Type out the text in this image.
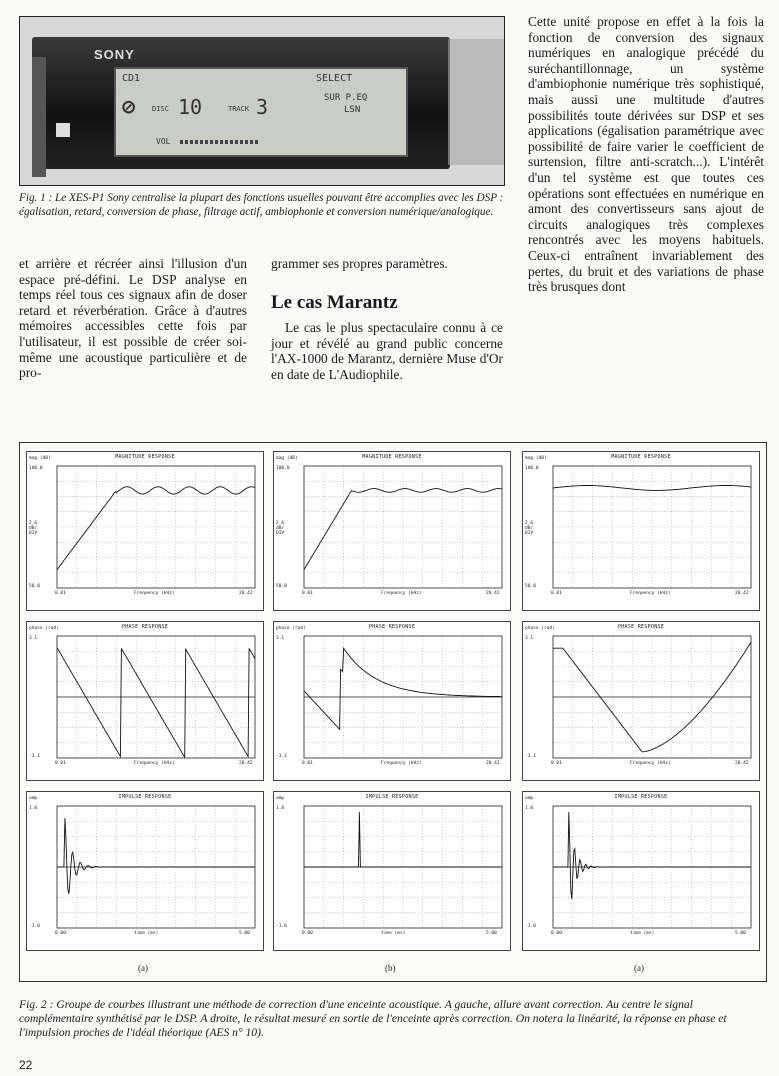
SONY
CD1	SELECT
⊘ DISC 10	TRACK 3	SUR P.EQ
LSN
VOL
Fig. 1 : Le XES-P1 Sony centralise la plupart des fonctions usuelles pouvant être accomplies avec les DSP : égalisation, retard, conversion de phase, filtrage actif, ambiophonie et conversion numérique/analogique.
et arrière et récréer ainsi l'illusion d'un espace pré-défini. Le DSP analyse en temps réel tous ces signaux afin de doser retard et réverbération. Grâce à d'autres mémoires accessibles cette fois par l'utilisateur, il est possible de créer soi-même une acoustique particulière et de pro-
grammer ses propres paramètres.
Le cas Marantz
Le cas le plus spectaculaire connu à ce jour et révélé au grand public concerne l'AX-1000 de Marantz, dernière Muse d'Or en date de L'Audiophile.
Cette unité propose en effet à la fois la fonction de conversion des signaux numériques en analogique précédé du suréchantillonnage, un système d'ambiophonie numérique très sophistiqué, mais aussi une multitude d'autres possibilités toute dérivées sur DSP et ses applications (égalisation paramétrique avec possibilité de faire varier le coefficient de surtension, filtre anti-scratch...). L'intérêt d'un tel système est que toutes ces opérations sont effectuées en numérique en amont des convertisseurs sans ajout de circuits analogiques très complexes rencontrés avec les moyens habituels. Ceux-ci entraînent invariablement des pertes, du bruit et des variations de phase très brusques dont
MAGNITUDE RESPONSE
mag (dB)
100.0
50.0
2.6
dB/
DIV
0.01	20.42
Frequency (kHz)
MAGNITUDE RESPONSE
mag (dB)
100.0
50.0
2.6
dB/
DIV
0.01	20.42
Frequency (kHz)
MAGNITUDE RESPONSE
mag (dB)
100.0
50.0
2.6
dB/
DIV
0.01	20.42
Frequency (kHz)
PHASE RESPONSE
phase (rad)
3.1
-3.1
0.01	20.42
Frequency (kHz)
PHASE RESPONSE
phase (rad)
3.1
-3.1
0.01	20.42
Frequency (kHz)
PHASE RESPONSE
phase (rad)
3.1
-3.1
0.01	20.42
Frequency (kHz)
IMPULSE RESPONSE
amp
1.0
-1.0
0.00	5.00
time (ms)
IMPULSE RESPONSE
amp
1.0
-1.0
0.00	5.00
time (ms)
IMPULSE RESPONSE
amp
1.0
-1.0
0.00	5.00
time (ms)
(a)	(b)	(a)
Fig. 2 : Groupe de courbes illustrant une méthode de correction d'une enceinte acoustique. A gauche, allure avant correction. Au centre le signal complémentaire synthétisé par le DSP. A droite, le résultat mesuré en sortie de l'enceinte après correction. On notera la linéarité, la réponse en phase et l'impulsion proches de l'idéal théorique (AES n° 10).
22
